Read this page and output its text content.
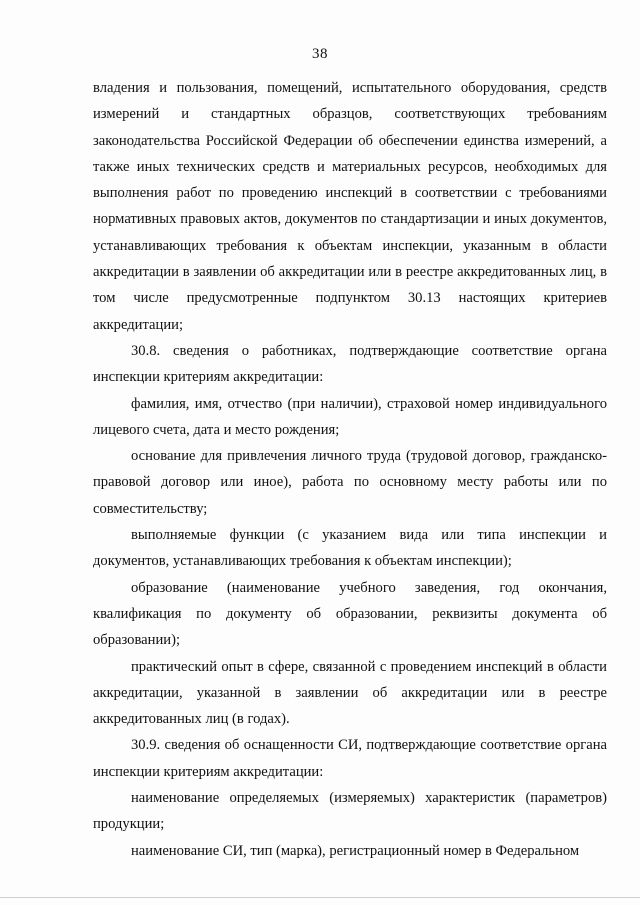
38

владения и пользования, помещений, испытательного оборудования, средств измерений и стандартных образцов, соответствующих требованиям законодательства Российской Федерации об обеспечении единства измерений, а также иных технических средств и материальных ресурсов, необходимых для выполнения работ по проведению инспекций в соответствии с требованиями нормативных правовых актов, документов по стандартизации и иных документов, устанавливающих требования к объектам инспекции, указанным в области аккредитации в заявлении об аккредитации или в реестре аккредитованных лиц, в том числе предусмотренные подпунктом 30.13 настоящих критериев аккредитации;

30.8. сведения о работниках, подтверждающие соответствие органа инспекции критериям аккредитации:

фамилия, имя, отчество (при наличии), страховой номер индивидуального лицевого счета, дата и место рождения;

основание для привлечения личного труда (трудовой договор, гражданско-правовой договор или иное), работа по основному месту работы или по совместительству;

выполняемые функции (с указанием вида или типа инспекции и документов, устанавливающих требования к объектам инспекции);

образование (наименование учебного заведения, год окончания, квалификация по документу об образовании, реквизиты документа об образовании);

практический опыт в сфере, связанной с проведением инспекций в области аккредитации, указанной в заявлении об аккредитации или в реестре аккредитованных лиц (в годах).

30.9. сведения об оснащенности СИ, подтверждающие соответствие органа инспекции критериям аккредитации:

наименование определяемых (измеряемых) характеристик (параметров) продукции;

наименование СИ, тип (марка), регистрационный номер в Федеральном
